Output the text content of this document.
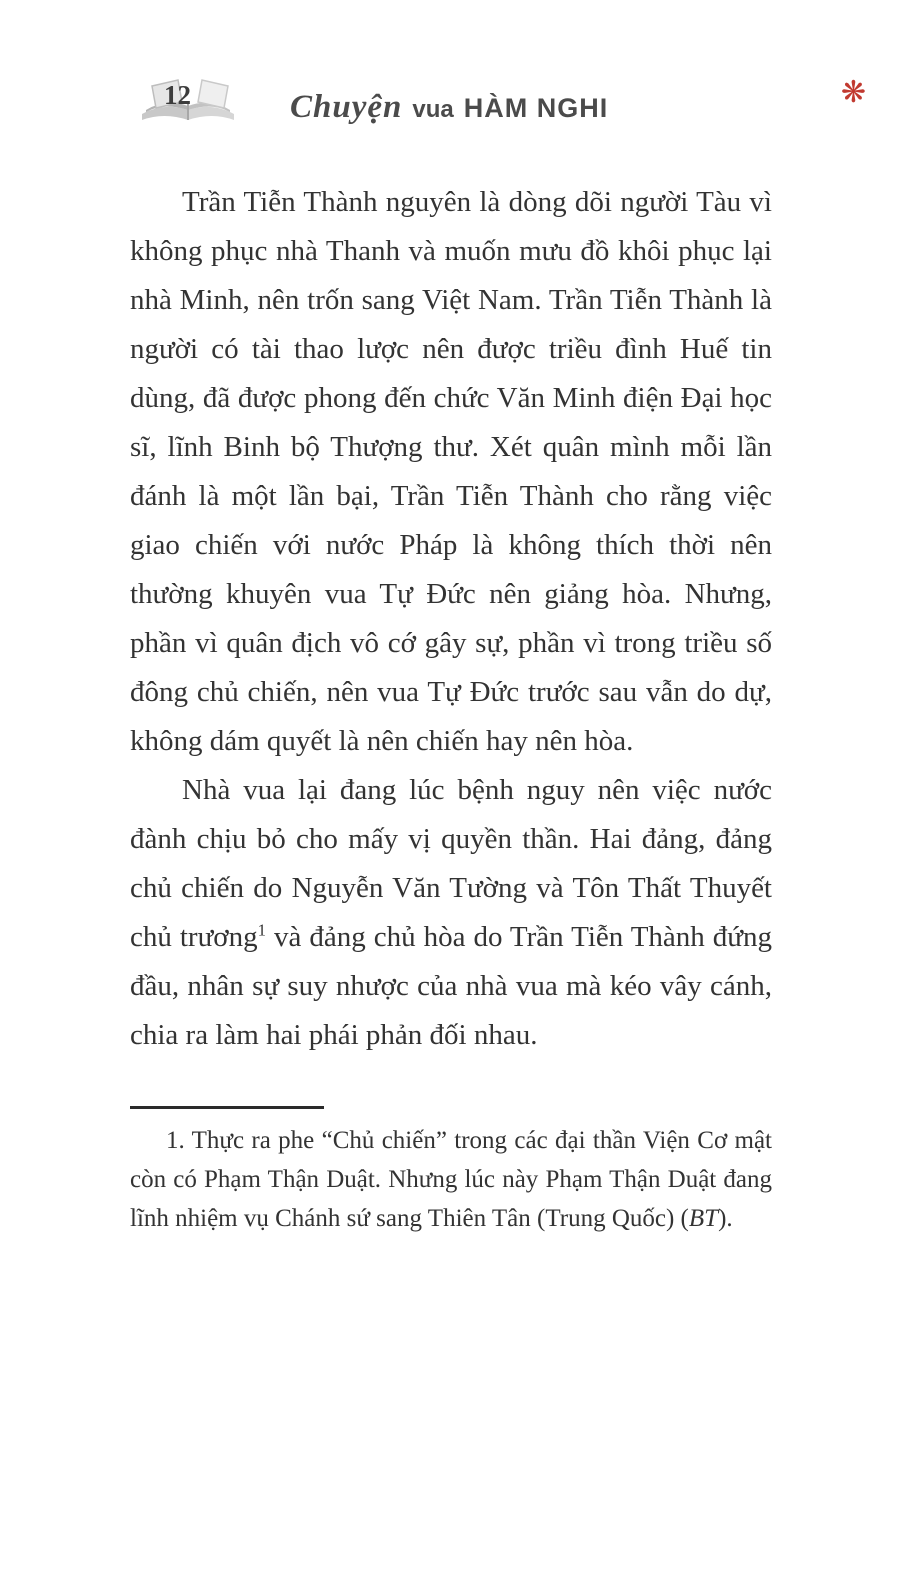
❋
12	Chuyện vua HÀM NGHI

Trần Tiễn Thành nguyên là dòng dõi người Tàu vì không phục nhà Thanh và muốn mưu đồ khôi phục lại nhà Minh, nên trốn sang Việt Nam. Trần Tiễn Thành là người có tài thao lược nên được triều đình Huế tin dùng, đã được phong đến chức Văn Minh điện Đại học sĩ, lĩnh Binh bộ Thượng thư. Xét quân mình mỗi lần đánh là một lần bại, Trần Tiễn Thành cho rằng việc giao chiến với nước Pháp là không thích thời nên thường khuyên vua Tự Đức nên giảng hòa. Nhưng, phần vì quân địch vô cớ gây sự, phần vì trong triều số đông chủ chiến, nên vua Tự Đức trước sau vẫn do dự, không dám quyết là nên chiến hay nên hòa.

Nhà vua lại đang lúc bệnh nguy nên việc nước đành chịu bỏ cho mấy vị quyền thần. Hai đảng, đảng chủ chiến do Nguyễn Văn Tường và Tôn Thất Thuyết chủ trương$^1$ và đảng chủ hòa do Trần Tiễn Thành đứng đầu, nhân sự suy nhược của nhà vua mà kéo vây cánh, chia ra làm hai phái phản đối nhau.

1. Thực ra phe “Chủ chiến” trong các đại thần Viện Cơ mật còn có Phạm Thận Duật. Nhưng lúc này Phạm Thận Duật đang lĩnh nhiệm vụ Chánh sứ sang Thiên Tân (Trung Quốc) (BT).
